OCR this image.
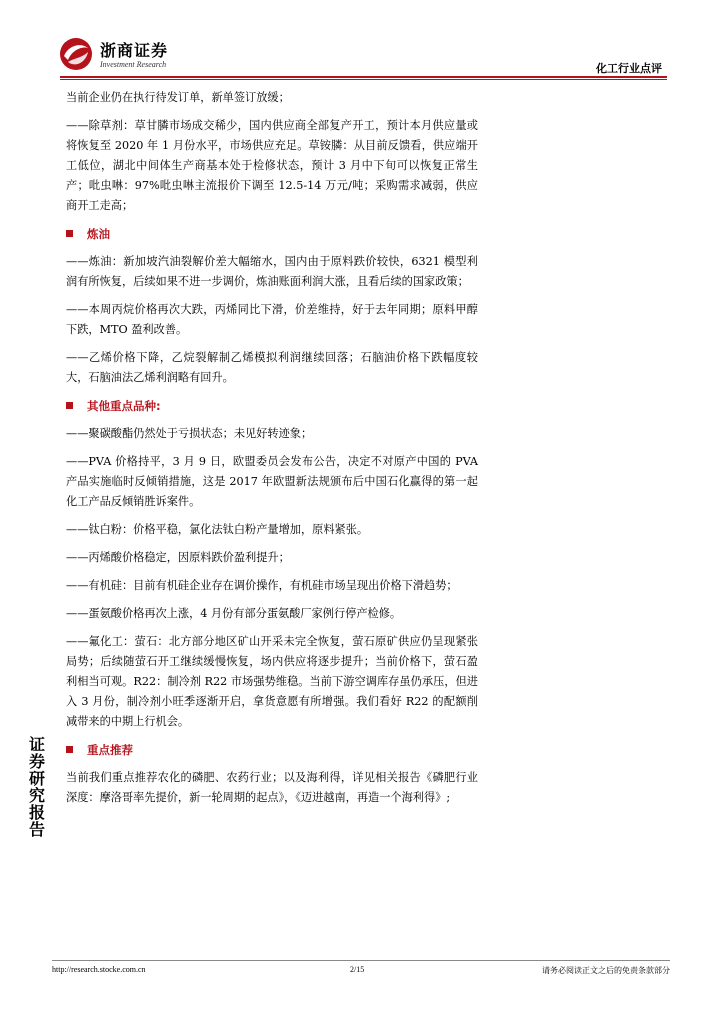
浙商证券
Investment Research	化工行业点评

当前企业仍在执行待发订单，新单签订放缓；

——除草剂：草甘膦市场成交稀少，国内供应商全部复产开工，预计本月供应量或将恢复至 2020 年 1 月份水平，市场供应充足。草铵膦：从目前反馈看，供应端开工低位，湖北中间体生产商基本处于检修状态，预计 3 月中下旬可以恢复正常生产；吡虫啉：97%吡虫啉主流报价下调至 12.5-14 万元/吨；采购需求减弱，供应商开工走高；

炼油

——炼油：新加坡汽油裂解价差大幅缩水，国内由于原料跌价较快，6321 模型利润有所恢复，后续如果不进一步调价，炼油账面利润大涨，且看后续的国家政策；

——本周丙烷价格再次大跌，丙烯同比下滑，价差维持，好于去年同期；原料甲醇下跌，MTO 盈利改善。

——乙烯价格下降，乙烷裂解制乙烯模拟利润继续回落；石脑油价格下跌幅度较大，石脑油法乙烯利润略有回升。

其他重点品种:

——聚碳酸酯仍然处于亏损状态；未见好转迹象；

——PVA 价格持平，3 月 9 日，欧盟委员会发布公告，决定不对原产中国的 PVA 产品实施临时反倾销措施，这是 2017 年欧盟新法规颁布后中国石化赢得的第一起化工产品反倾销胜诉案件。

——钛白粉：价格平稳，氯化法钛白粉产量增加，原料紧张。

——丙烯酸价格稳定，因原料跌价盈利提升；

——有机硅：目前有机硅企业存在调价操作，有机硅市场呈现出价格下滑趋势；

——蛋氨酸价格再次上涨，4 月份有部分蛋氨酸厂家例行停产检修。

——氟化工：萤石：北方部分地区矿山开采未完全恢复，萤石原矿供应仍呈现紧张局势；后续随萤石开工继续缓慢恢复，场内供应将逐步提升；当前价格下，萤石盈利相当可观。R22：制冷剂 R22 市场强势维稳。当前下游空调库存虽仍承压，但进入 3 月份，制冷剂小旺季逐渐开启，拿货意愿有所增强。我们看好 R22 的配额削减带来的中期上行机会。

重点推荐

当前我们重点推荐农化的磷肥、农药行业；以及海利得，详见相关报告《磷肥行业深度：摩洛哥率先提价，新一轮周期的起点》，《迈进越南，再造一个海利得》;

证
券
研
究
报
告
http://research.stocke.com.cn	2/15	请务必阅读正文之后的免责条款部分
